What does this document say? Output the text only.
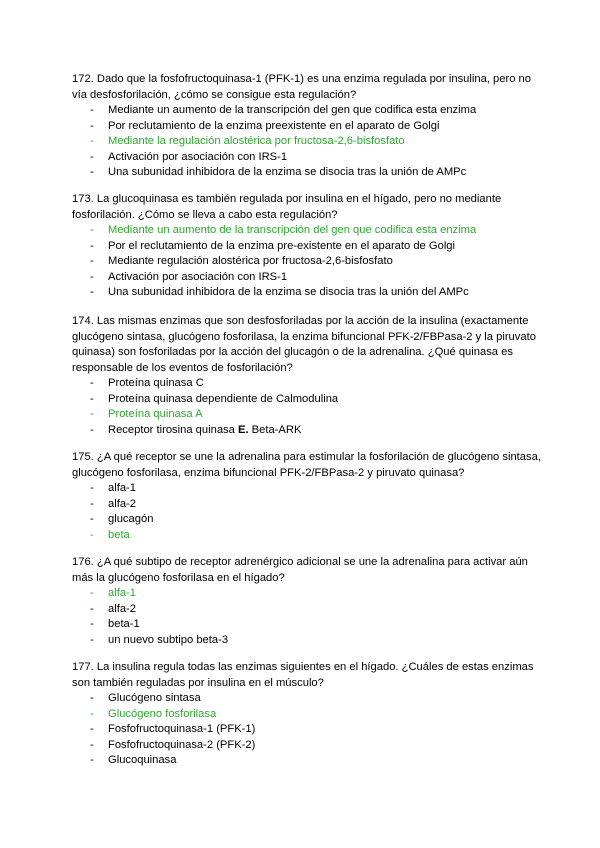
172. Dado que la fosfofructoquinasa-1 (PFK-1) es una enzima regulada por insulina, pero no vía desfosforilación, ¿cómo se consigue esta regulación?

- Mediante un aumento de la transcripción del gen que codifica esta enzima
- Por reclutamiento de la enzima preexistente en el aparato de Golgi
- Mediante la regulación alostérica por fructosa-2,6-bisfosfato
- Activación por asociación con IRS-1
- Una subunidad inhibidora de la enzima se disocia tras la unión de AMPc

173. La glucoquinasa es también regulada por insulina en el hígado, pero no mediante fosforilación. ¿Cómo se lleva a cabo esta regulación?

- Mediante un aumento de la transcripción del gen que codifica esta enzima
- Por el reclutamiento de la enzima pre-existente en el aparato de Golgi
- Mediante regulación alostérica por fructosa-2,6-bisfosfato
- Activación por asociación con IRS-1
- Una subunidad inhibidora de la enzima se disocia tras la unión del AMPc

174. Las mismas enzimas que son desfosforiladas por la acción de la insulina (exactamente glucógeno sintasa, glucógeno fosforilasa, la enzima bifuncional PFK-2/FBPasa-2 y la piruvato quinasa) son fosforiladas por la acción del glucagón o de la adrenalina. ¿Qué quinasa es responsable de los eventos de fosforilación?

- Proteína quinasa C
- Proteína quinasa dependiente de Calmodulina
- Proteína quinasa A
- Receptor tirosina quinasa E. Beta-ARK

175. ¿A qué receptor se une la adrenalina para estimular la fosforilación de glucógeno sintasa, glucógeno fosforilasa, enzima bifuncional PFK-2/FBPasa-2 y piruvato quinasa?

- alfa-1
- alfa-2
- glucagón
- beta

176. ¿A qué subtipo de receptor adrenérgico adicional se une la adrenalina para activar aún más la glucógeno fosforilasa en el hígado?

- alfa-1
- alfa-2
- beta-1
- un nuevo subtipo beta-3

177. La insulina regula todas las enzimas siguientes en el hígado. ¿Cuáles de estas enzimas son también reguladas por insulina en el músculo?

- Glucógeno sintasa
- Glucógeno fosforilasa
- Fosfofructoquinasa-1 (PFK-1)
- Fosfofructoquinasa-2 (PFK-2)
- Glucoquinasa
